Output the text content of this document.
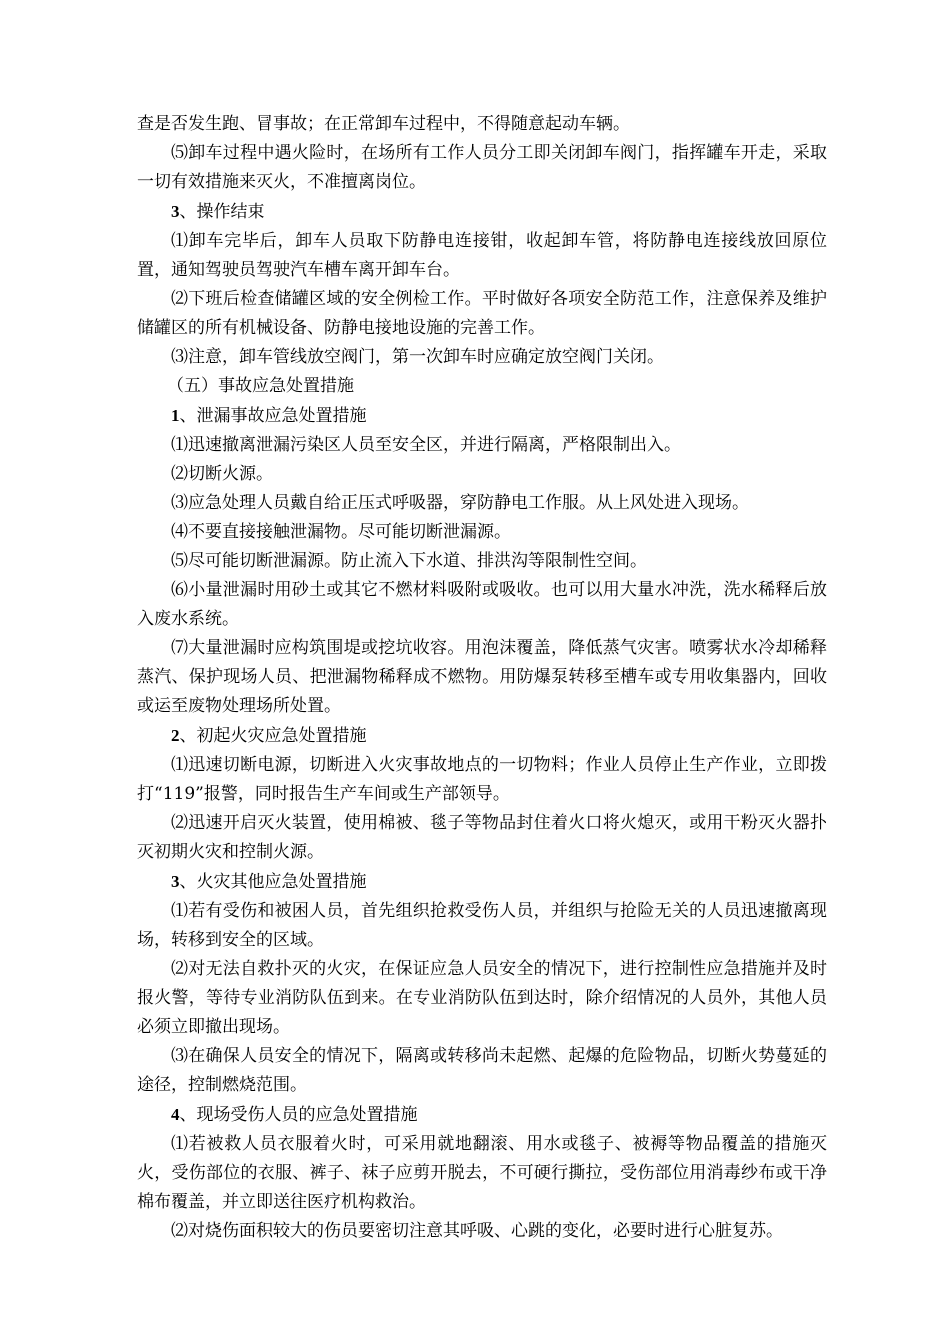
查是否发生跑、冒事故；在正常卸车过程中，不得随意起动车辆。

⑸卸车过程中遇火险时，在场所有工作人员分工即关闭卸车阀门，指挥罐车开走，采取一切有效措施来灭火，不准擅离岗位。

3、操作结束

⑴卸车完毕后，卸车人员取下防静电连接钳，收起卸车管，将防静电连接线放回原位置，通知驾驶员驾驶汽车槽车离开卸车台。

⑵下班后检查储罐区域的安全例检工作。平时做好各项安全防范工作，注意保养及维护储罐区的所有机械设备、防静电接地设施的完善工作。

⑶注意，卸车管线放空阀门，第一次卸车时应确定放空阀门关闭。

（五）事故应急处置措施

1、泄漏事故应急处置措施

⑴迅速撤离泄漏污染区人员至安全区，并进行隔离，严格限制出入。

⑵切断火源。

⑶应急处理人员戴自给正压式呼吸器，穿防静电工作服。从上风处进入现场。

⑷不要直接接触泄漏物。尽可能切断泄漏源。

⑸尽可能切断泄漏源。防止流入下水道、排洪沟等限制性空间。

⑹小量泄漏时用砂土或其它不燃材料吸附或吸收。也可以用大量水冲洗，洗水稀释后放入废水系统。

⑺大量泄漏时应构筑围堤或挖坑收容。用泡沫覆盖，降低蒸气灾害。喷雾状水冷却稀释蒸汽、保护现场人员、把泄漏物稀释成不燃物。用防爆泵转移至槽车或专用收集器内，回收或运至废物处理场所处置。

2、初起火灾应急处置措施

⑴迅速切断电源，切断进入火灾事故地点的一切物料；作业人员停止生产作业，立即拨打“119”报警，同时报告生产车间或生产部领导。

⑵迅速开启灭火装置，使用棉被、毯子等物品封住着火口将火熄灭，或用干粉灭火器扑灭初期火灾和控制火源。

3、火灾其他应急处置措施

⑴若有受伤和被困人员，首先组织抢救受伤人员，并组织与抢险无关的人员迅速撤离现场，转移到安全的区域。

⑵对无法自救扑灭的火灾，在保证应急人员安全的情况下，进行控制性应急措施并及时报火警，等待专业消防队伍到来。在专业消防队伍到达时，除介绍情况的人员外，其他人员必须立即撤出现场。

⑶在确保人员安全的情况下，隔离或转移尚未起燃、起爆的危险物品，切断火势蔓延的途径，控制燃烧范围。

4、现场受伤人员的应急处置措施

⑴若被救人员衣服着火时，可采用就地翻滚、用水或毯子、被褥等物品覆盖的措施灭火，受伤部位的衣服、裤子、袜子应剪开脱去，不可硬行撕拉，受伤部位用消毒纱布或干净棉布覆盖，并立即送往医疗机构救治。

⑵对烧伤面积较大的伤员要密切注意其呼吸、心跳的变化，必要时进行心脏复苏。
